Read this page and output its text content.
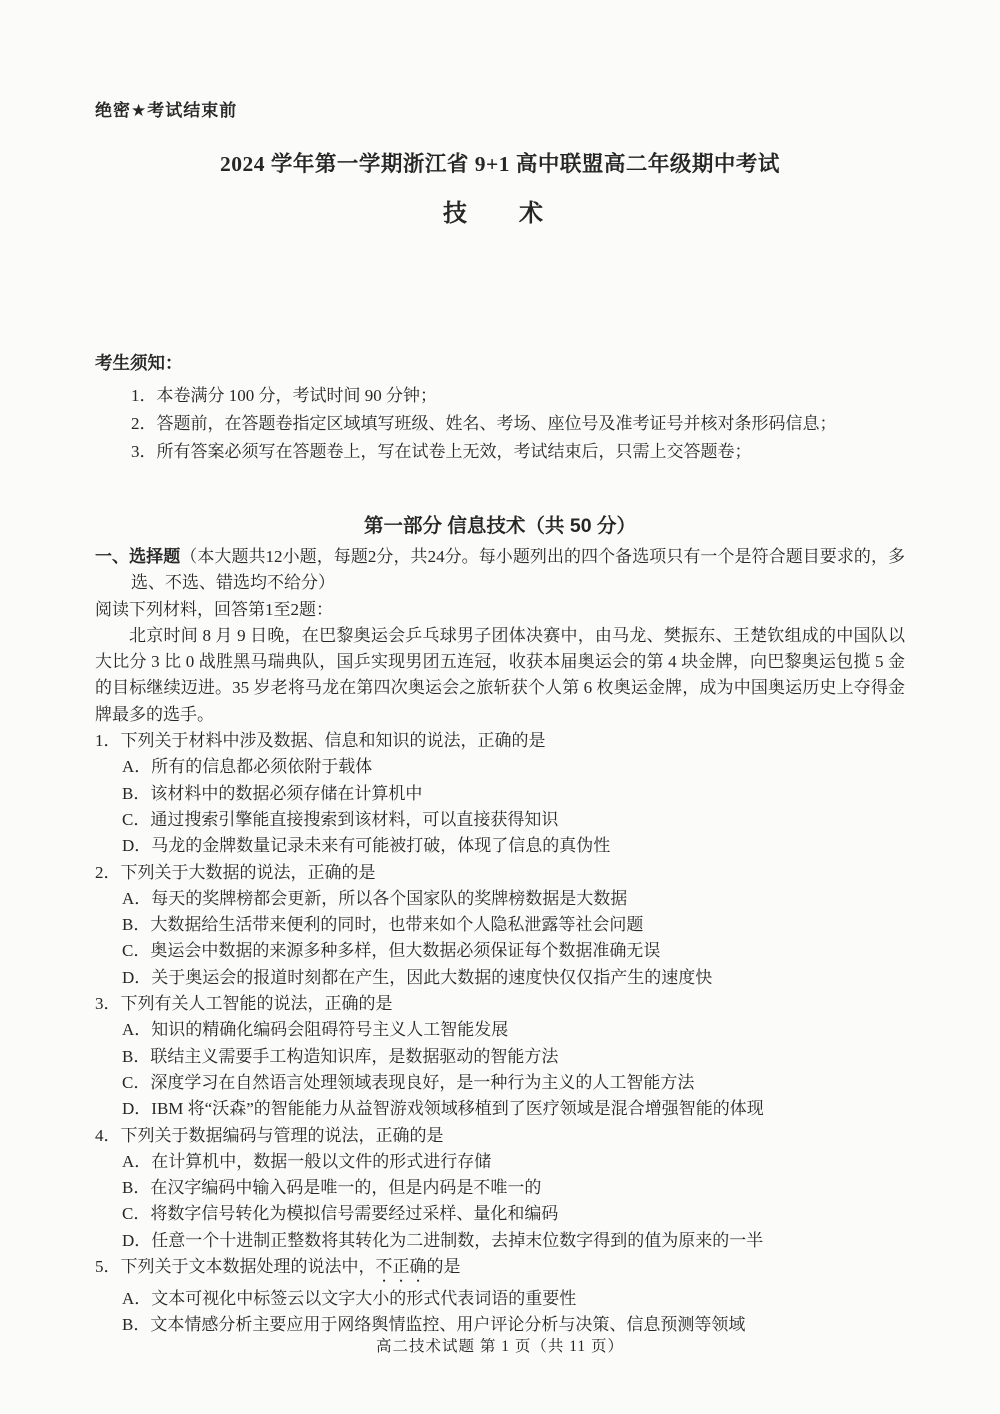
绝密★考试结束前
2024 学年第一学期浙江省 9+1 高中联盟高二年级期中考试
技　术
考生须知：
1．本卷满分 100 分，考试时间 90 分钟；
2．答题前，在答题卷指定区域填写班级、姓名、考场、座位号及准考证号并核对条形码信息；
3．所有答案必须写在答题卷上，写在试卷上无效，考试结束后，只需上交答题卷；
第一部分 信息技术（共 50 分）
一、选择题（本大题共12小题，每题2分，共24分。每小题列出的四个备选项只有一个是符合题目要求的，多选、不选、错选均不给分）
阅读下列材料，回答第1至2题：
北京时间 8 月 9 日晚，在巴黎奥运会乒乓球男子团体决赛中，由马龙、樊振东、王楚钦组成的中国队以大比分 3 比 0 战胜黑马瑞典队，国乒实现男团五连冠，收获本届奥运会的第 4 块金牌，向巴黎奥运包揽 5 金的目标继续迈进。35 岁老将马龙在第四次奥运会之旅斩获个人第 6 枚奥运金牌，成为中国奥运历史上夺得金牌最多的选手。
1．下列关于材料中涉及数据、信息和知识的说法，正确的是
A．所有的信息都必须依附于载体
B．该材料中的数据必须存储在计算机中
C．通过搜索引擎能直接搜索到该材料，可以直接获得知识
D．马龙的金牌数量记录未来有可能被打破，体现了信息的真伪性
2．下列关于大数据的说法，正确的是
A．每天的奖牌榜都会更新，所以各个国家队的奖牌榜数据是大数据
B．大数据给生活带来便利的同时，也带来如个人隐私泄露等社会问题
C．奥运会中数据的来源多种多样，但大数据必须保证每个数据准确无误
D．关于奥运会的报道时刻都在产生，因此大数据的速度快仅仅指产生的速度快
3．下列有关人工智能的说法，正确的是
A．知识的精确化编码会阻碍符号主义人工智能发展
B．联结主义需要手工构造知识库，是数据驱动的智能方法
C．深度学习在自然语言处理领域表现良好，是一种行为主义的人工智能方法
D．IBM 将“沃森”的智能能力从益智游戏领域移植到了医疗领域是混合增强智能的体现
4．下列关于数据编码与管理的说法，正确的是
A．在计算机中，数据一般以文件的形式进行存储
B．在汉字编码中输入码是唯一的，但是内码是不唯一的
C．将数字信号转化为模拟信号需要经过采样、量化和编码
D．任意一个十进制正整数将其转化为二进制数，去掉末位数字得到的值为原来的一半
5．下列关于文本数据处理的说法中，不正确的是
A．文本可视化中标签云以文字大小的形式代表词语的重要性
B．文本情感分析主要应用于网络舆情监控、用户评论分析与决策、信息预测等领域
高二技术试题 第 1 页（共 11 页）
